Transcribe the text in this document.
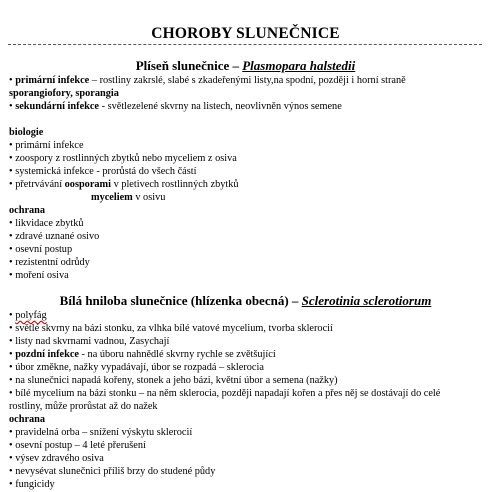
CHOROBY SLUNEČNICE
Plíseň slunečnice – Plasmopara halstedii
• primární infekce – rostliny zakrslé, slabé s zkadeřenými listy,na spodní, později i horní straně
sporangiofory, sporangia
• sekundární infekce - světlezelené skvrny na listech, neovlivněn výnos semene
biologie
• primární infekce
• zoospory z rostlinných zbytků nebo myceliem z osiva
• systemická infekce - prorůstá do všech částí
• přetrvávání oosporami v pletivech rostlinných zbytků
myceliem v osivu
ochrana
• likvidace zbytků
• zdravé uznané osivo
• osevní postup
• rezistentní odrůdy
• moření osiva
Bílá hniloba slunečnice (hlízenka obecná) – Sclerotinia sclerotiorum
• polyfág
• světlé skvrny na bázi stonku, za vlhka bílé vatové mycelium, tvorba sklerocií
• listy nad skvrnami vadnou, Zasychají
• pozdní infekce - na úboru nahnědlé skvrny rychle se zvětšující
• úbor změkne, nažky vypadávají, úbor se rozpadá – sklerocia
• na slunečnici napadá kořeny, stonek a jeho bázi, květní úbor a semena (nažky)
• bílé mycelium na bázi stonku – na něm sklerocia, později napadají kořen a přes něj se dostávají do celé
rostliny, může prorůstat až do nažek
ochrana
• pravidelná orba – snížení výskytu sklerocií
• osevní postup – 4 leté přerušení
• výsev zdravého osiva
• nevysévat slunečnici příliš brzy do studené půdy
• fungicidy
